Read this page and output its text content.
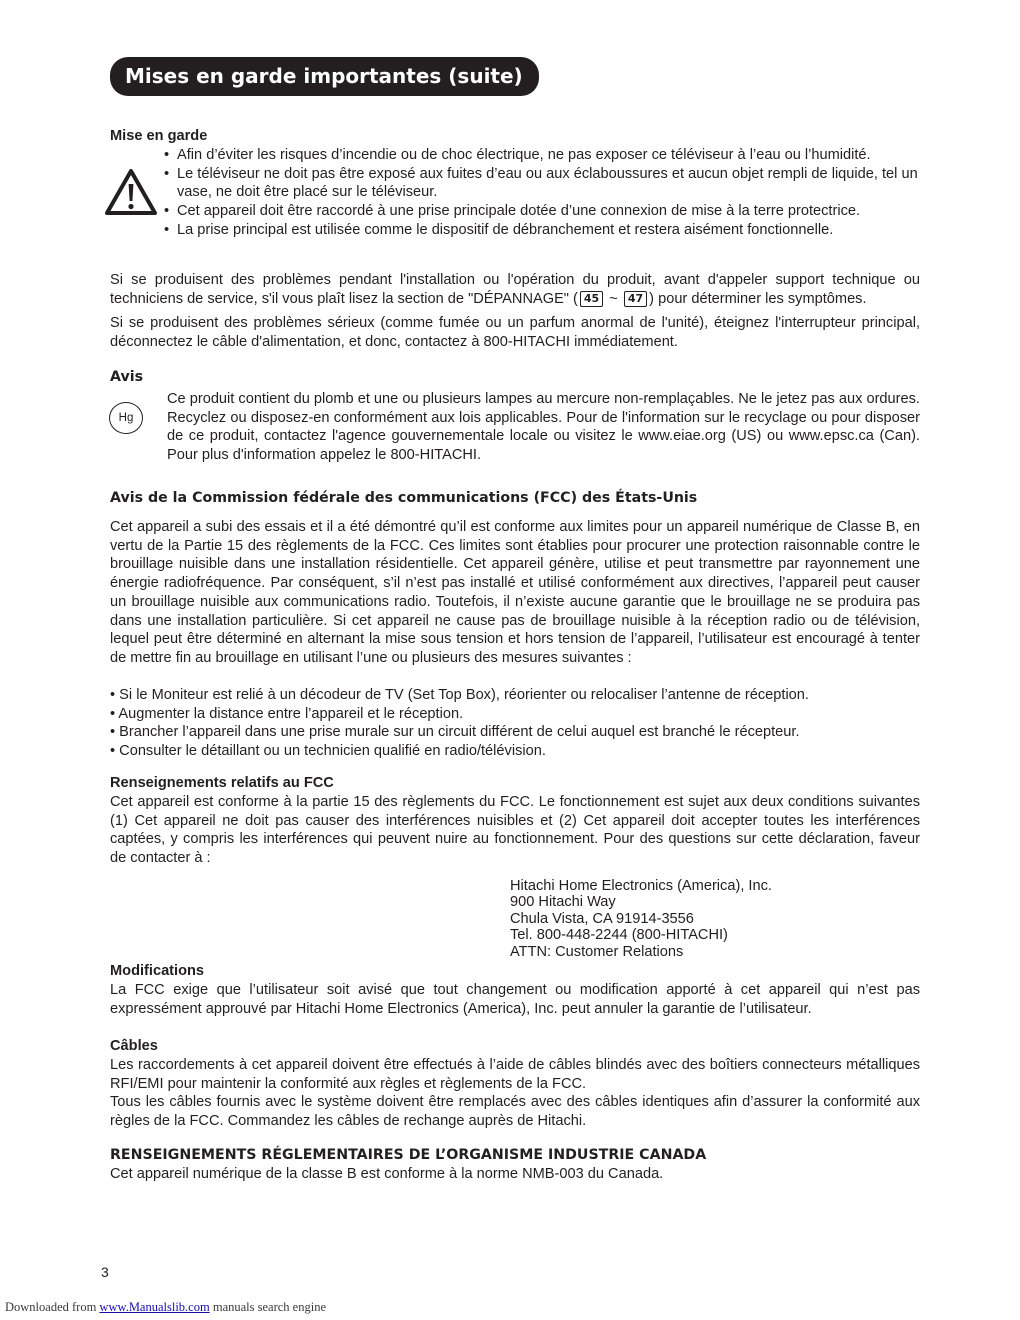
Mises en garde importantes (suite)
Mise en garde
• Afin d’éviter les risques d’incendie ou de choc électrique, ne pas exposer ce téléviseur à l’eau ou l’humidité.
• Le téléviseur ne doit pas être exposé aux fuites d’eau ou aux éclaboussures et aucun objet rempli de liquide, tel un vase, ne doit être placé sur le téléviseur.
• Cet appareil doit être raccordé à une prise principale dotée d’une connexion de mise à la terre protectrice.
• La prise principal est utilisée comme le dispositif de débranchement et restera aisément fonctionnelle.
Si se produisent des problèmes pendant l'installation ou l'opération du produit, avant d'appeler support technique ou techniciens de service, s'il vous plaît lisez la section de "DÉPANNAGE" ( 45 ~ 47 ) pour déterminer les symptômes.
Si se produisent des problèmes sérieux (comme fumée ou un parfum anormal de l'unité), éteignez l'interrupteur principal, déconnectez le câble d'alimentation, et donc, contactez à 800-HITACHI immédiatement.
Avis
Hg
Ce produit contient du plomb et une ou plusieurs lampes au mercure non-remplaçables. Ne le jetez pas aux ordures. Recyclez ou disposez-en conformément aux lois applicables. Pour de l'information sur le recyclage ou pour disposer de ce produit, contactez l'agence gouvernementale locale ou visitez le www.eiae.org (US) ou www.epsc.ca (Can). Pour plus d'information appelez le 800-HITACHI.
Avis de la Commission fédérale des communications (FCC) des États-Unis
Cet appareil a subi des essais et il a été démontré qu’il est conforme aux limites pour un appareil numérique de Classe B, en vertu de la Partie 15 des règlements de la FCC. Ces limites sont établies pour procurer une protection raisonnable contre le brouillage nuisible dans une installation résidentielle. Cet appareil génère, utilise et peut transmettre par rayonnement une énergie radiofréquence. Par conséquent, s’il n’est pas installé et utilisé conformément aux directives, l’appareil peut causer un brouillage nuisible aux communications radio. Toutefois, il n’existe aucune garantie que le brouillage ne se produira pas dans une installation particulière. Si cet appareil ne cause pas de brouillage nuisible à la réception radio ou de télévision, lequel peut être déterminé en alternant la mise sous tension et hors tension de l’appareil, l’utilisateur est encouragé à tenter de mettre fin au brouillage en utilisant l’une ou plusieurs des mesures suivantes :
• Si le Moniteur est relié à un décodeur de TV (Set Top Box), réorienter ou relocaliser l’antenne de réception.
• Augmenter la distance entre l’appareil et le réception.
• Brancher l’appareil dans une prise murale sur un circuit différent de celui auquel est branché le récepteur.
• Consulter le détaillant ou un technicien qualifié en radio/télévision.
Renseignements relatifs au FCC
Cet appareil est conforme à la partie 15 des règlements du FCC. Le fonctionnement est sujet aux deux conditions suivantes (1) Cet appareil ne doit pas causer des interférences nuisibles et (2) Cet appareil doit accepter toutes les interférences captées, y compris les interférences qui peuvent nuire au fonctionnement. Pour des questions sur cette déclaration, faveur de contacter à :
Hitachi Home Electronics (America), Inc.
900 Hitachi Way
Chula Vista, CA 91914-3556
Tel. 800-448-2244 (800-HITACHI)
ATTN: Customer Relations
Modifications
La FCC exige que l’utilisateur soit avisé que tout changement ou modification apporté à cet appareil qui n’est pas expressément approuvé par Hitachi Home Electronics (America), Inc. peut annuler la garantie de l’utilisateur.
Câbles

Les raccordements à cet appareil doivent être effectués à l’aide de câbles blindés avec des boîtiers connecteurs métalliques RFI/EMI pour maintenir la conformité aux règles et règlements de la FCC.

Tous les câbles fournis avec le système doivent être remplacés avec des câbles identiques afin d’assurer la conformité aux règles de la FCC. Commandez les câbles de rechange auprès de Hitachi.

RENSEIGNEMENTS RÉGLEMENTAIRES DE L’ORGANISME INDUSTRIE CANADA
Cet appareil numérique de la classe B est conforme à la norme NMB-003 du Canada.
3
Downloaded from www.Manualslib.com manuals search engine
